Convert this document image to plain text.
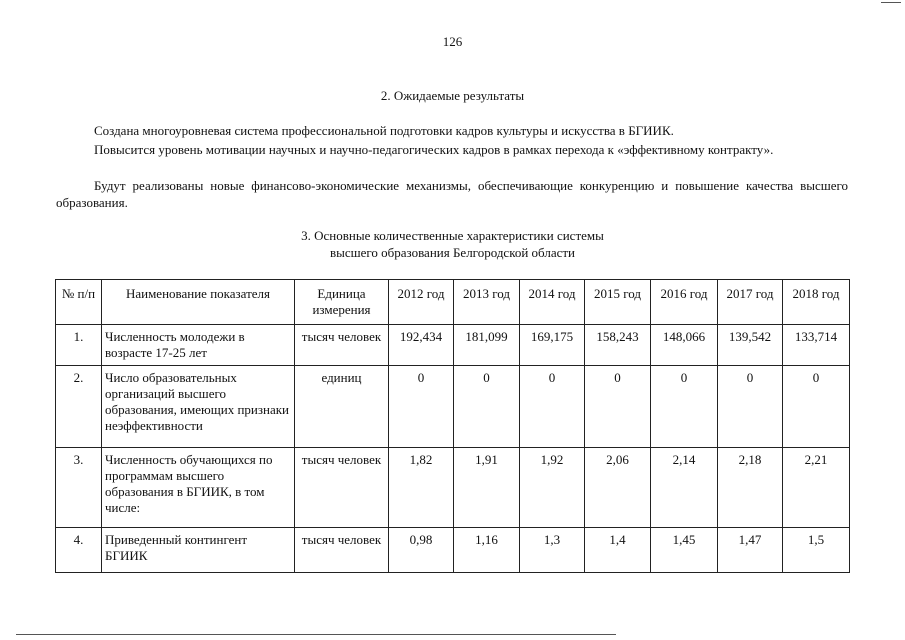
126
2. Ожидаемые результаты
Создана многоуровневая система профессиональной подготовки кадров культуры и искусства в БГИИК.
Повысится уровень мотивации научных и научно-педагогических кадров в рамках перехода к «эффективному контракту».
Будут реализованы новые финансово-экономические механизмы, обеспечивающие конкуренцию и повышение качества высшего образования.
3. Основные количественные характеристики системы
высшего образования Белгородской области
№ п/п	Наименование показателя	Единица измерения	2012 год	2013 год	2014 год	2015 год	2016 год	2017 год	2018 год
1.	Численность молодежи в возрасте 17-25 лет	тысяч человек	192,434	181,099	169,175	158,243	148,066	139,542	133,714
2.	Число образовательных организаций высшего образования, имеющих признаки неэффективности	единиц	0	0	0	0	0	0	0
3.	Численность обучающихся по программам высшего образования в БГИИК, в том числе:	тысяч человек	1,82	1,91	1,92	2,06	2,14	2,18	2,21
4.	Приведенный контингент БГИИК	тысяч человек	0,98	1,16	1,3	1,4	1,45	1,47	1,5
